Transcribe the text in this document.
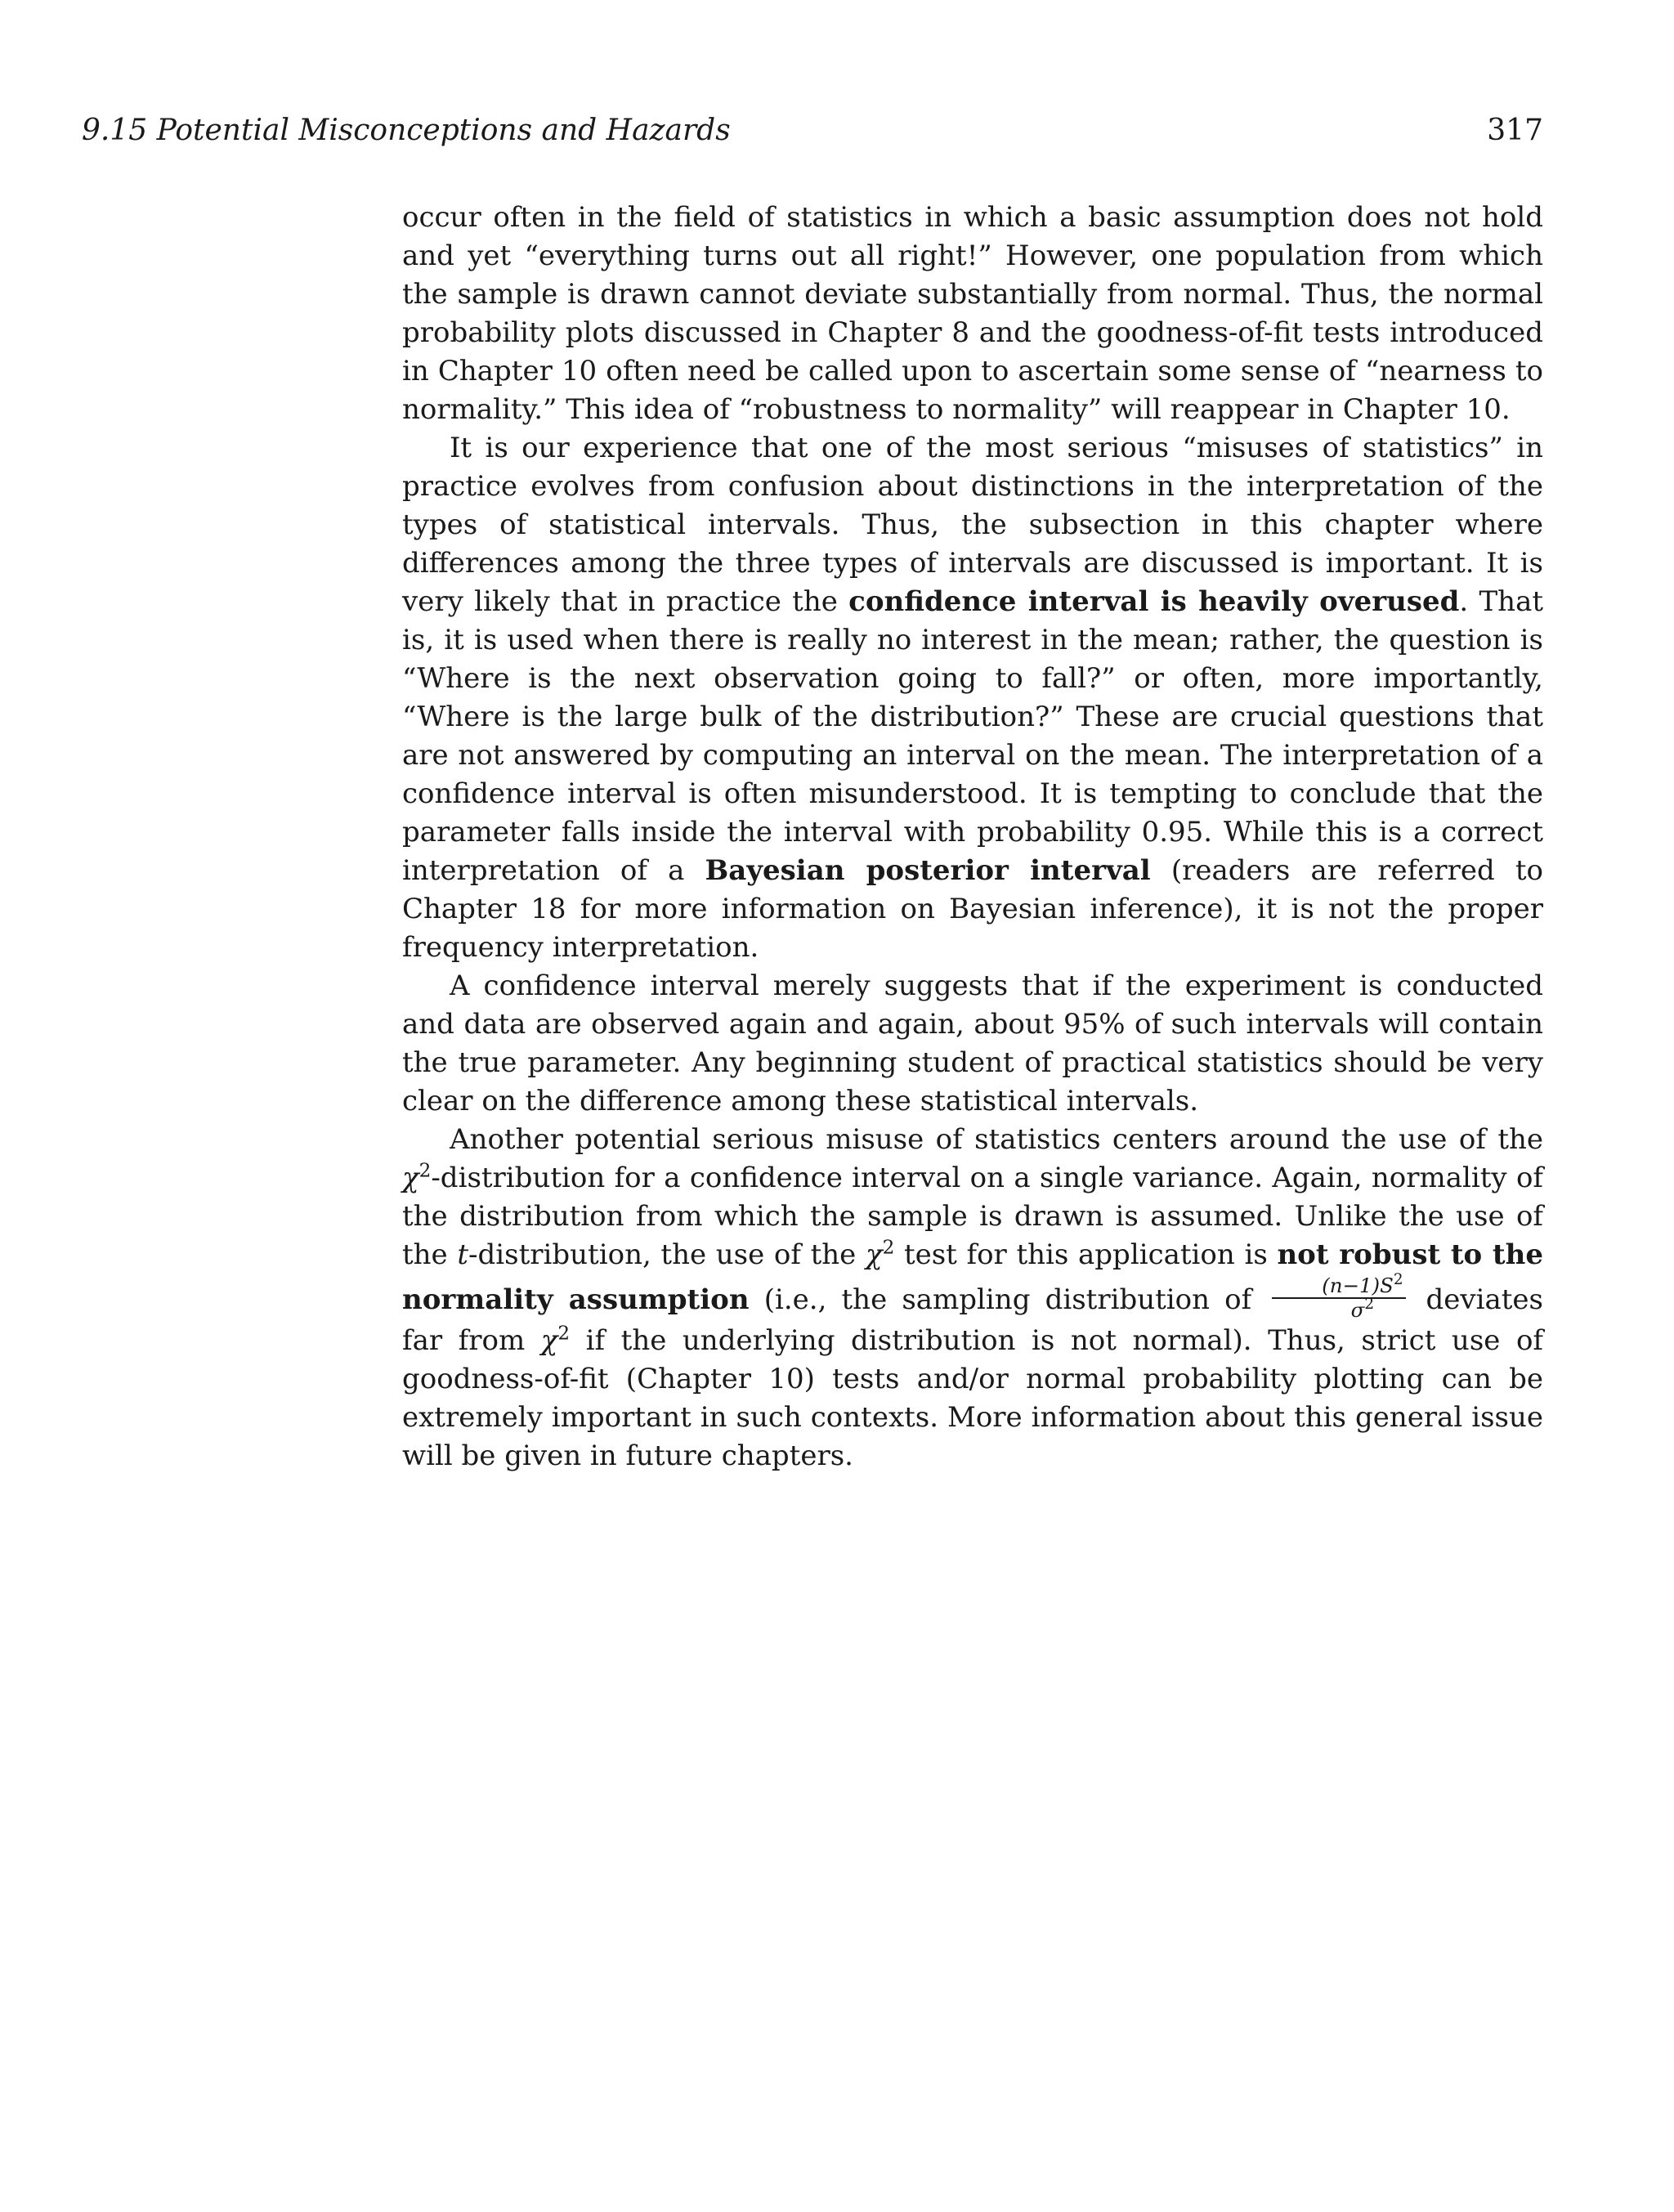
9.15 Potential Misconceptions and Hazards	317

occur often in the field of statistics in which a basic assumption does not hold and yet “everything turns out all right!” However, one population from which the sample is drawn cannot deviate substantially from normal. Thus, the normal probability plots discussed in Chapter 8 and the goodness-of-fit tests introduced in Chapter 10 often need be called upon to ascertain some sense of “nearness to normality.” This idea of “robustness to normality” will reappear in Chapter 10.

It is our experience that one of the most serious “misuses of statistics” in practice evolves from confusion about distinctions in the interpretation of the types of statistical intervals. Thus, the subsection in this chapter where differences among the three types of intervals are discussed is important. It is very likely that in practice the confidence interval is heavily overused. That is, it is used when there is really no interest in the mean; rather, the question is “Where is the next observation going to fall?” or often, more importantly, “Where is the large bulk of the distribution?” These are crucial questions that are not answered by computing an interval on the mean. The interpretation of a confidence interval is often misunderstood. It is tempting to conclude that the parameter falls inside the interval with probability 0.95. While this is a correct interpretation of a Bayesian posterior interval (readers are referred to Chapter 18 for more information on Bayesian inference), it is not the proper frequency interpretation.

A confidence interval merely suggests that if the experiment is conducted and data are observed again and again, about 95% of such intervals will contain the true parameter. Any beginning student of practical statistics should be very clear on the difference among these statistical intervals.

Another potential serious misuse of statistics centers around the use of the $\chi^2$-distribution for a confidence interval on a single variance. Again, normality of the distribution from which the sample is drawn is assumed. Unlike the use of the t-distribution, the use of the $\chi^2$ test for this application is not robust to the normality assumption (i.e., the sampling distribution of $\frac{(n-1)S^2}{\sigma^2}$ deviates far from $\chi^2$ if the underlying distribution is not normal). Thus, strict use of goodness-of-fit (Chapter 10) tests and/or normal probability plotting can be extremely important in such contexts. More information about this general issue will be given in future chapters.
